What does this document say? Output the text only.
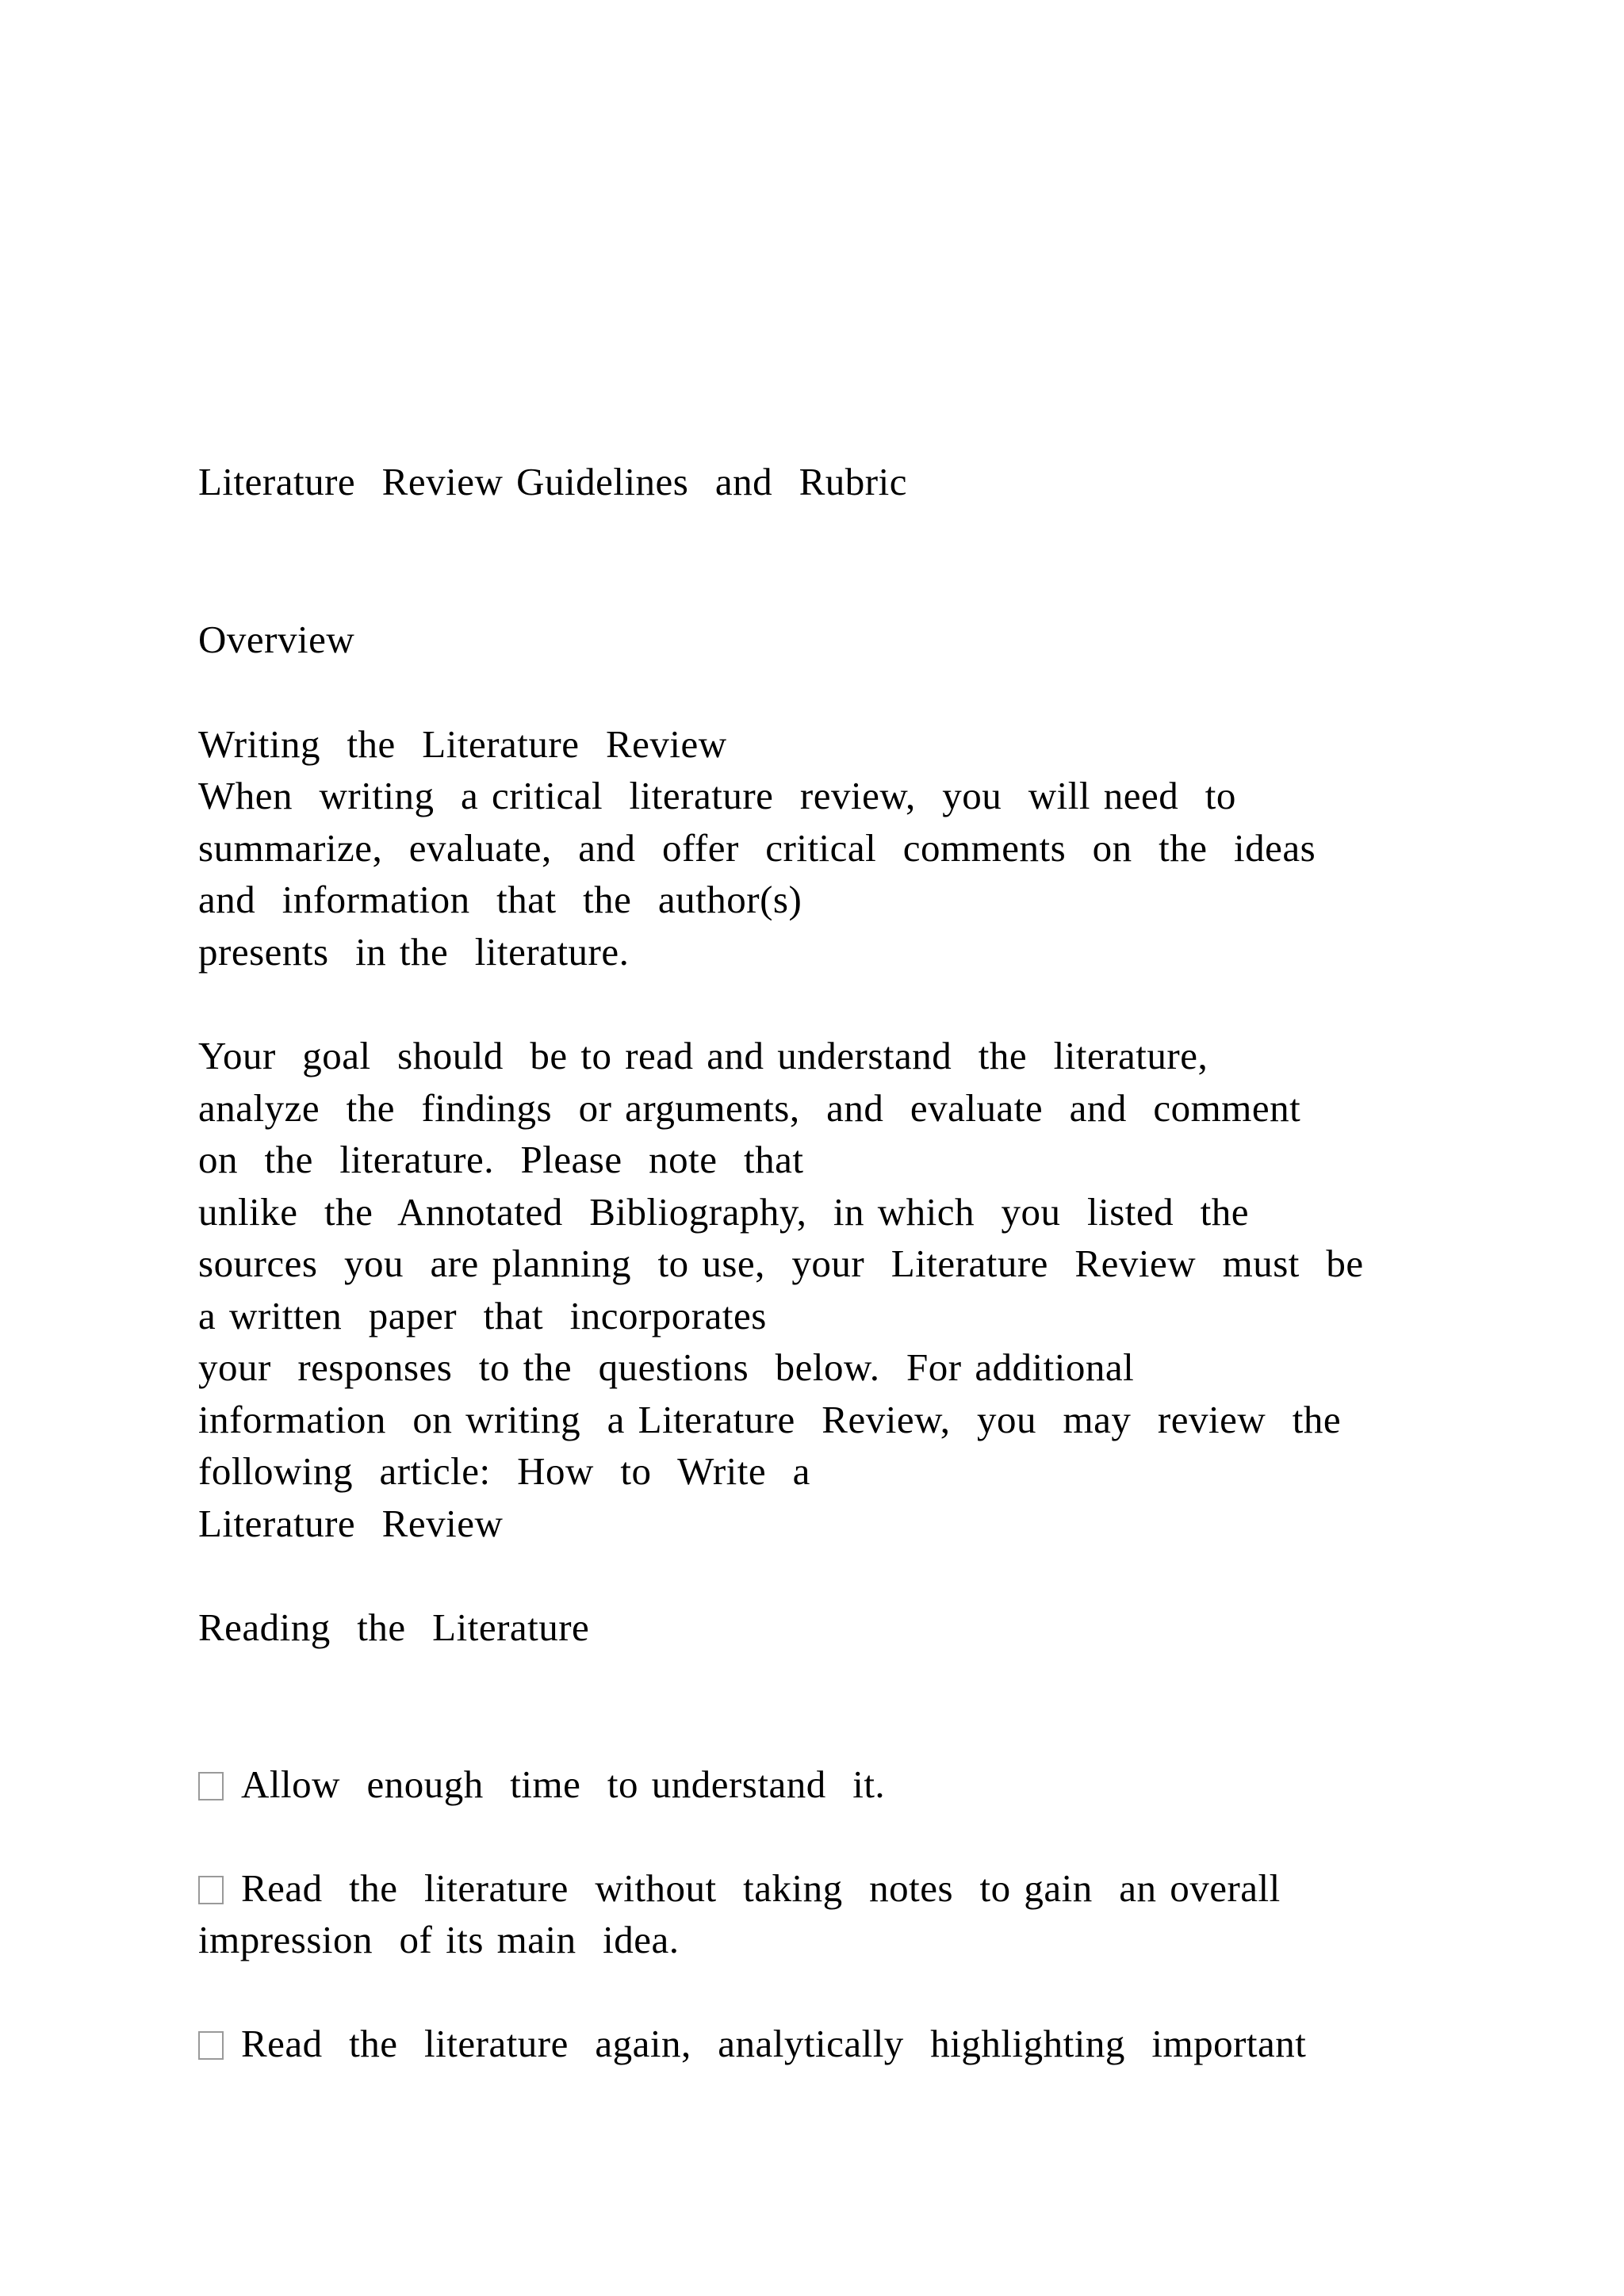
Literature  Review Guidelines  and  Rubric
Overview
Writing  the  Literature  Review
When  writing  a critical  literature  review,  you  will need  to
summarize,  evaluate,  and  offer  critical  comments  on  the  ideas
and  information  that  the  author(s)
presents  in the  literature.
Your  goal  should  be to read and understand  the  literature,
analyze  the  findings  or arguments,  and  evaluate  and  comment
on  the  literature.  Please  note  that
unlike  the  Annotated  Bibliography,  in which  you  listed  the
sources  you  are planning  to use,  your  Literature  Review  must  be
a written  paper  that  incorporates
your  responses  to the  questions  below.  For additional
information  on writing  a Literature  Review,  you  may  review  the
following  article:  How  to  Write  a
Literature  Review
Reading  the  Literature
Allow  enough  time  to understand  it.
Read  the  literature  without  taking  notes  to gain  an overall
impression  of its main  idea.
Read  the  literature  again,  analytically  highlighting  important
